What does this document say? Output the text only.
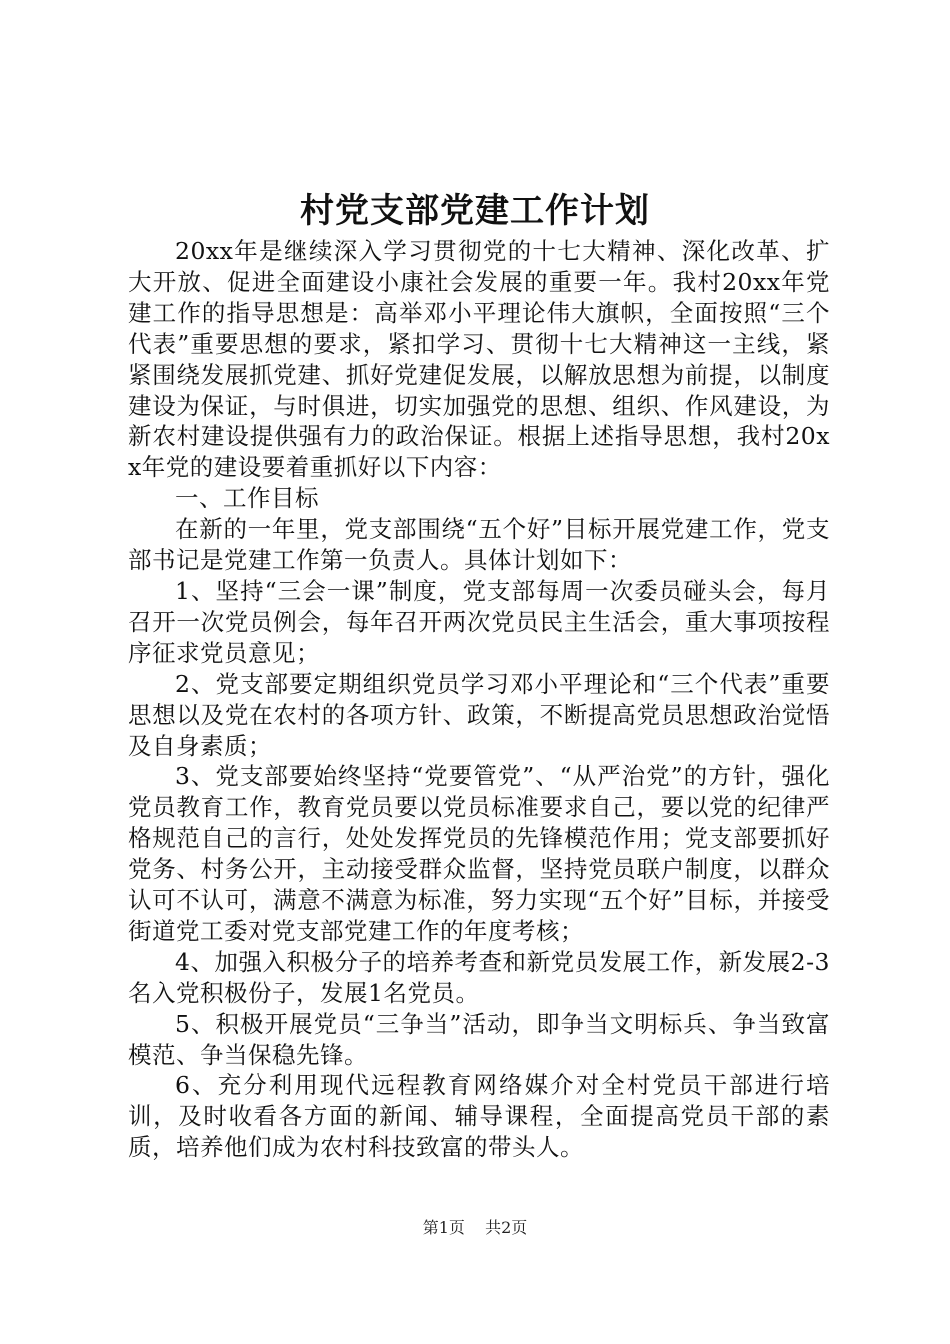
村党支部党建工作计划

20xx年是继续深入学习贯彻党的十七大精神、深化改革、扩大开放、促进全面建设小康社会发展的重要一年。我村20xx年党建工作的指导思想是：高举邓小平理论伟大旗帜，全面按照“三个代表”重要思想的要求，紧扣学习、贯彻十七大精神这一主线，紧紧围绕发展抓党建、抓好党建促发展，以解放思想为前提，以制度建设为保证，与时俱进，切实加强党的思想、组织、作风建设，为新农村建设提供强有力的政治保证。根据上述指导思想，我村20xx年党的建设要着重抓好以下内容：

一、工作目标

在新的一年里，党支部围绕“五个好”目标开展党建工作，党支部书记是党建工作第一负责人。具体计划如下：

1、坚持“三会一课”制度，党支部每周一次委员碰头会，每月召开一次党员例会，每年召开两次党员民主生活会，重大事项按程序征求党员意见；

2、党支部要定期组织党员学习邓小平理论和“三个代表”重要思想以及党在农村的各项方针、政策，不断提高党员思想政治觉悟及自身素质；

3、党支部要始终坚持“党要管党”、“从严治党”的方针，强化党员教育工作，教育党员要以党员标准要求自己，要以党的纪律严格规范自己的言行，处处发挥党员的先锋模范作用；党支部要抓好党务、村务公开，主动接受群众监督，坚持党员联户制度，以群众认可不认可，满意不满意为标准，努力实现“五个好”目标，并接受街道党工委对党支部党建工作的年度考核；

4、加强入积极分子的培养考查和新党员发展工作，新发展2-3名入党积极份子，发展1名党员。

5、积极开展党员“三争当”活动，即争当文明标兵、争当致富模范、争当保稳先锋。

6、充分利用现代远程教育网络媒介对全村党员干部进行培训，及时收看各方面的新闻、辅导课程，全面提高党员干部的素质，培养他们成为农村科技致富的带头人。

第1页 共2页
